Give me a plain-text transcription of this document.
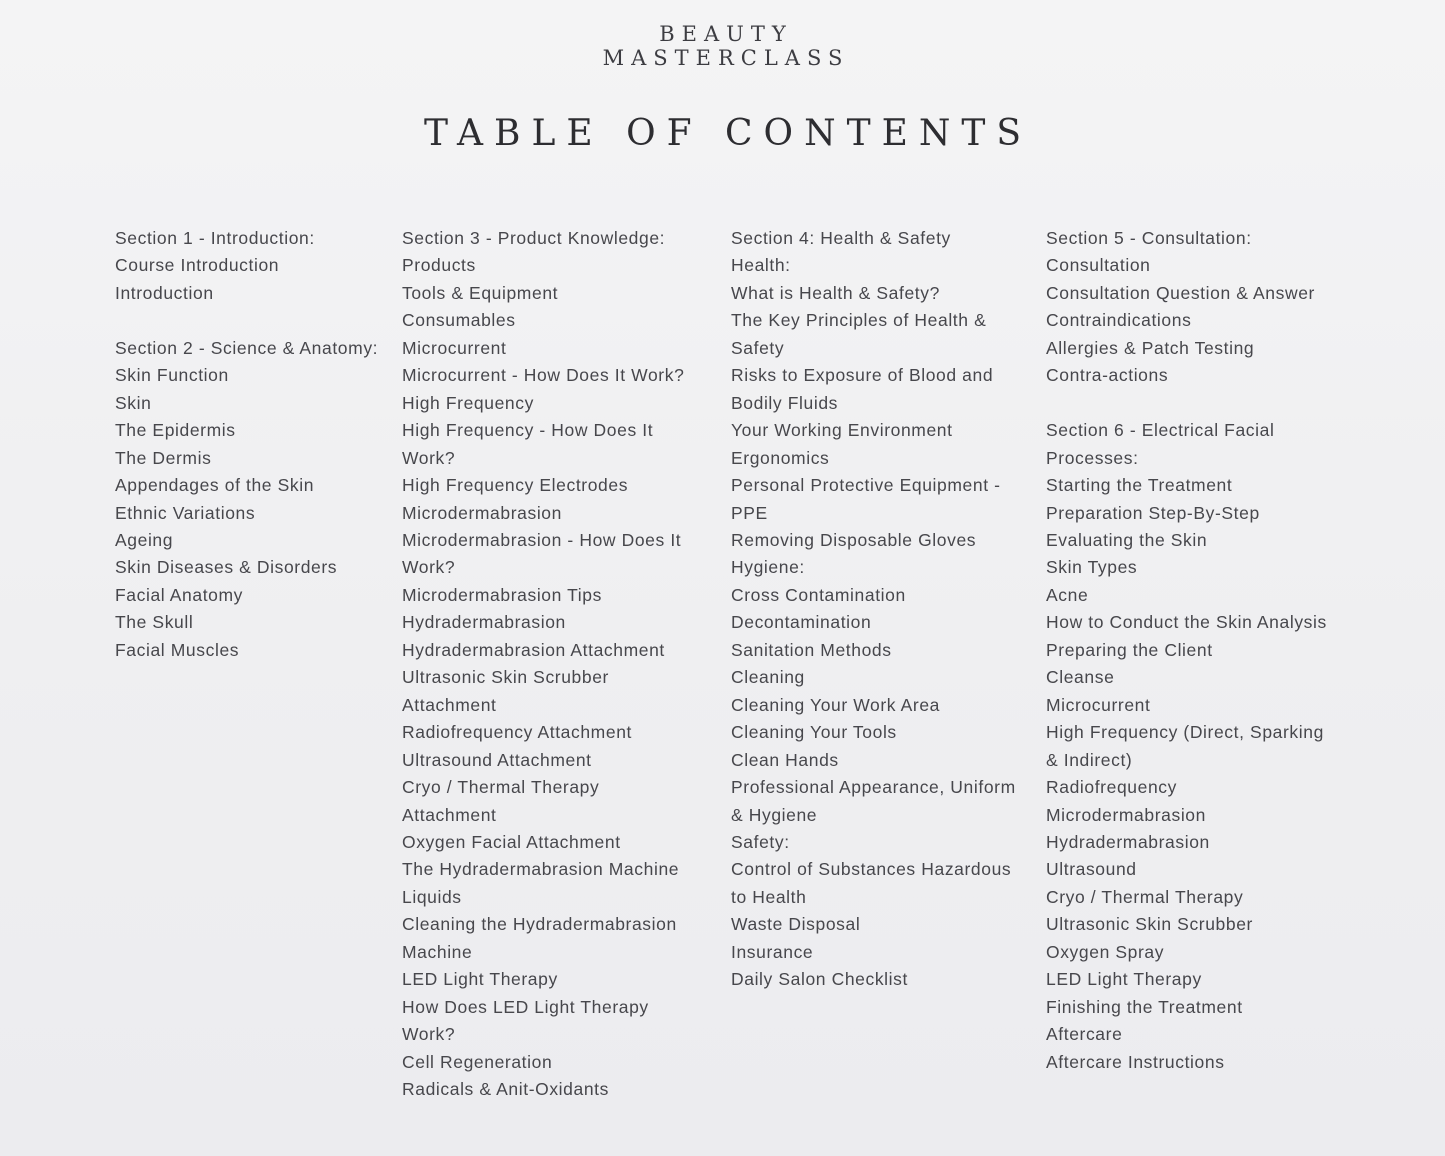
BEAUTY
MASTERCLASS
TABLE OF CONTENTS
Section 1 - Introduction:
Course Introduction
Introduction
Section 2 - Science & Anatomy:
Skin Function
Skin
The Epidermis
The Dermis
Appendages of the Skin
Ethnic Variations
Ageing
Skin Diseases & Disorders
Facial Anatomy
The Skull
Facial Muscles
Section 3 - Product Knowledge:
Products
Tools & Equipment
Consumables
Microcurrent
Microcurrent - How Does It Work?
High Frequency
High Frequency - How Does It
Work?
High Frequency Electrodes
Microdermabrasion
Microdermabrasion - How Does It
Work?
Microdermabrasion Tips
Hydradermabrasion
Hydradermabrasion Attachment
Ultrasonic Skin Scrubber
Attachment
Radiofrequency Attachment
Ultrasound Attachment
Cryo / Thermal Therapy
Attachment
Oxygen Facial Attachment
The Hydradermabrasion Machine
Liquids
Cleaning the Hydradermabrasion
Machine
LED Light Therapy
How Does LED Light Therapy
Work?
Cell Regeneration
Radicals & Anit-Oxidants
Section 4: Health & Safety
Health:
What is Health & Safety?
The Key Principles of Health &
Safety
Risks to Exposure of Blood and
Bodily Fluids
Your Working Environment
Ergonomics
Personal Protective Equipment -
PPE
Removing Disposable Gloves
Hygiene:
Cross Contamination
Decontamination
Sanitation Methods
Cleaning
Cleaning Your Work Area
Cleaning Your Tools
Clean Hands
Professional Appearance, Uniform
& Hygiene
Safety:
Control of Substances Hazardous
to Health
Waste Disposal
Insurance
Daily Salon Checklist
Section 5 - Consultation:
Consultation
Consultation Question & Answer
Contraindications
Allergies & Patch Testing
Contra-actions
Section 6 - Electrical Facial
Processes:
Starting the Treatment
Preparation Step-By-Step
Evaluating the Skin
Skin Types
Acne
How to Conduct the Skin Analysis
Preparing the Client
Cleanse
Microcurrent
High Frequency (Direct, Sparking
& Indirect)
Radiofrequency
Microdermabrasion
Hydradermabrasion
Ultrasound
Cryo / Thermal Therapy
Ultrasonic Skin Scrubber
Oxygen Spray
LED Light Therapy
Finishing the Treatment
Aftercare
Aftercare Instructions
